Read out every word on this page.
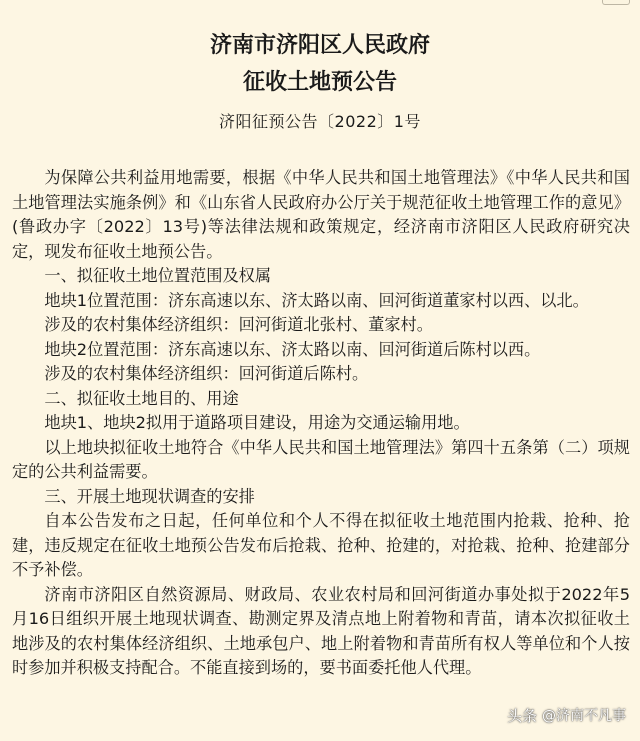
济南市济阳区人民政府
征收土地预公告
济阳征预公告〔2022〕1号

为保障公共利益用地需要，根据《中华人民共和国土地管理法》《中华人民共和国土地管理法实施条例》和《山东省人民政府办公厅关于规范征收土地管理工作的意见》(鲁政办字〔2022〕13号)等法律法规和政策规定，经济南市济阳区人民政府研究决定，现发布征收土地预公告。

一、拟征收土地位置范围及权属

地块1位置范围：济东高速以东、济太路以南、回河街道董家村以西、以北。

涉及的农村集体经济组织：回河街道北张村、董家村。

地块2位置范围：济东高速以东、济太路以南、回河街道后陈村以西。

涉及的农村集体经济组织：回河街道后陈村。

二、拟征收土地目的、用途

地块1、地块2拟用于道路项目建设，用途为交通运输用地。

以上地块拟征收土地符合《中华人民共和国土地管理法》第四十五条第（二）项规定的公共利益需要。

三、开展土地现状调查的安排

自本公告发布之日起，任何单位和个人不得在拟征收土地范围内抢栽、抢种、抢建，违反规定在征收土地预公告发布后抢栽、抢种、抢建的，对抢栽、抢种、抢建部分不予补偿。

济南市济阳区自然资源局、财政局、农业农村局和回河街道办事处拟于2022年5月16日组织开展土地现状调查、勘测定界及清点地上附着物和青苗，请本次拟征收土地涉及的农村集体经济组织、土地承包户、地上附着物和青苗所有权人等单位和个人按时参加并积极支持配合。不能直接到场的，要书面委托他人代理。

头条 @济南不凡事
